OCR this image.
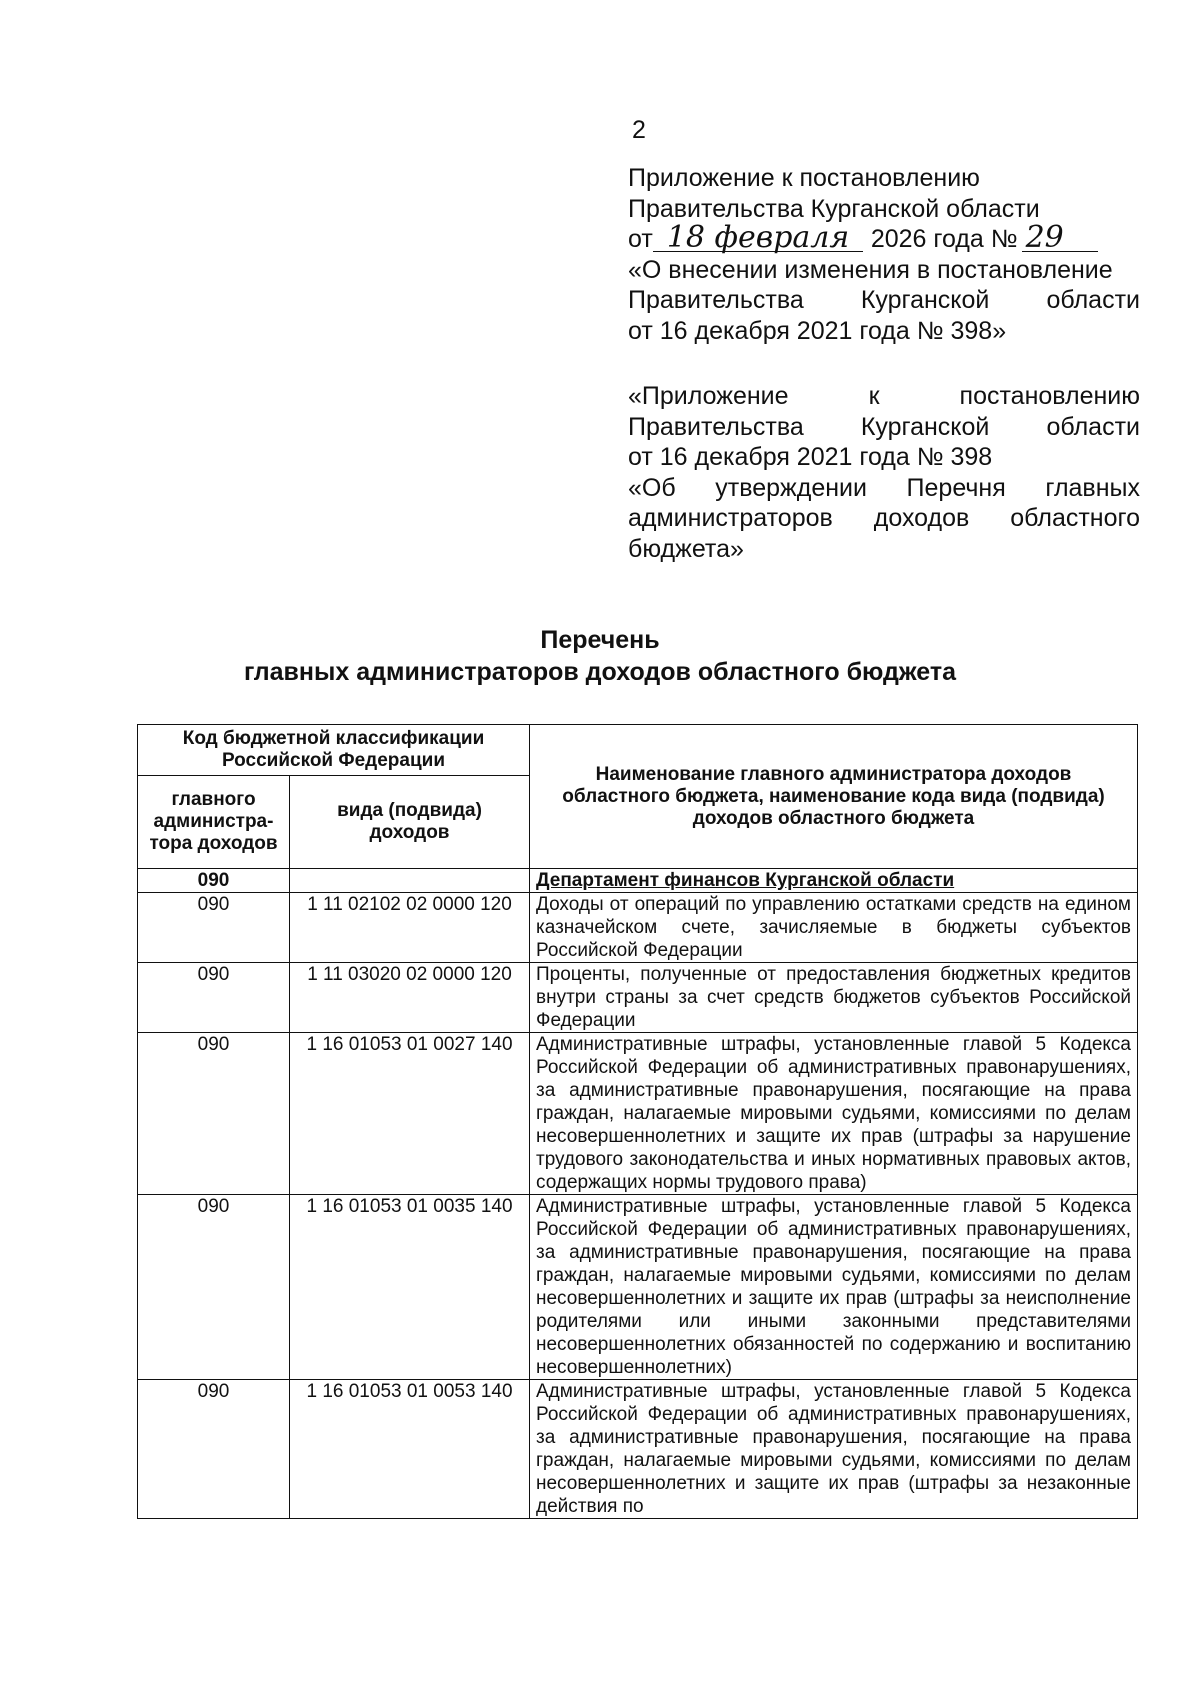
2
Приложение к постановлению
Правительства Курганской области
от 18 февраля 2026 года № 29
«О внесении изменения в постановление
Правительства Курганской области
от 16 декабря 2021 года № 398»
«Приложение к постановлению
Правительства Курганской области
от 16 декабря 2021 года № 398
«Об утверждении Перечня главных
администраторов доходов областного
бюджета»
Перечень
главных администраторов доходов областного бюджета
Код бюджетной классификации Российской Федерации		Наименование главного администратора доходов областного бюджета, наименование кода вида (подвида) доходов областного бюджета
главного администра-тора доходов	вида (подвида) доходов	
090		Департамент финансов Курганской области
090	1 11 02102 02 0000 120	Доходы от операций по управлению остатками средств на едином казначейском счете, зачисляемые в бюджеты субъектов Российской Федерации
090	1 11 03020 02 0000 120	Проценты, полученные от предоставления бюджетных кредитов внутри страны за счет средств бюджетов субъектов Российской Федерации
090	1 16 01053 01 0027 140	Административные штрафы, установленные главой 5 Кодекса Российской Федерации об административных правонарушениях, за административные правонарушения, посягающие на права граждан, налагаемые мировыми судьями, комиссиями по делам несовершеннолетних и защите их прав (штрафы за нарушение трудового законодательства и иных нормативных правовых актов, содержащих нормы трудового права)
090	1 16 01053 01 0035 140	Административные штрафы, установленные главой 5 Кодекса Российской Федерации об административных правонарушениях, за административные правонарушения, посягающие на права граждан, налагаемые мировыми судьями, комиссиями по делам несовершеннолетних и защите их прав (штрафы за неисполнение родителями или иными законными представителями несовершеннолетних обязанностей по содержанию и воспитанию несовершеннолетних)
090	1 16 01053 01 0053 140	Административные штрафы, установленные главой 5 Кодекса Российской Федерации об административных правонарушениях, за административные правонарушения, посягающие на права граждан, налагаемые мировыми судьями, комиссиями по делам несовершеннолетних и защите их прав (штрафы за незаконные действия по
